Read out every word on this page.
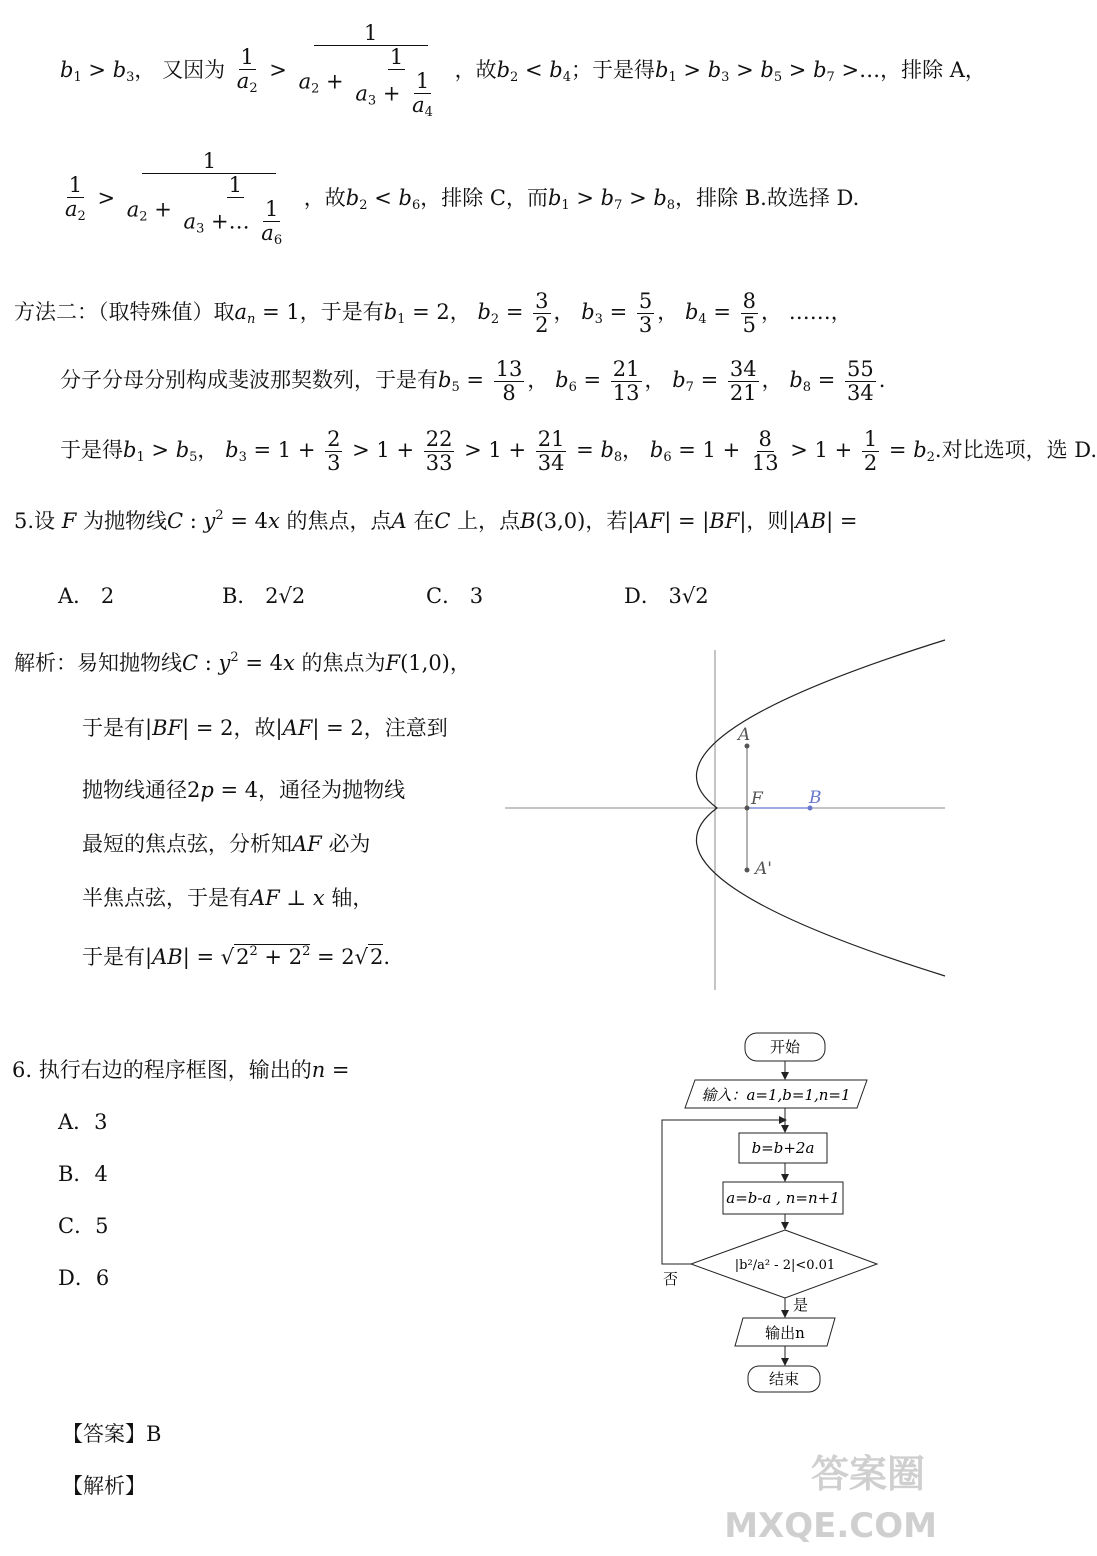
$b_1 > b_3$， 又因为 $\frac{1}{a_2} > \frac{1}{a_2 + \frac{1}{a_3 + \frac{1}{a_4}}}$ ，故$b_2 < b_4$；于是得$b_1 > b_3 > b_5 > b_7$ >…，排除 A，
$\frac{1}{a_2} > \frac{1}{a_2 + \frac{1}{a_3 +\dots \frac{1}{a_6}}}$ ，故$b_2 < b_6$，排除 C，而$b_1 > b_7 > b_8$，排除 B.故选择 D.
方法二：（取特殊值）取$a_n = 1$，于是有$b_1 = 2$， $b_2 = \frac{3}{2}$ ， $b_3 = \frac{5}{3}$ ， $b_4 = \frac{8}{5}$ ， ……，
分子分母分别构成斐波那契数列，于是有$b_5 = \frac{13}{8}$ ， $b_6 = \frac{21}{13}$ ， $b_7 = \frac{34}{21}$ ， $b_8 = \frac{55}{34}$ .
于是得$b_1 > b_5$， $b_3 = 1 + \frac{2}{3} > 1 + \frac{22}{33} > 1 + \frac{21}{34} = b_8$， $b_6 = 1 + \frac{8}{13} > 1 + \frac{1}{2} = b_2$.对比选项，选 D.
5.设 F 为抛物线C : $y^2 = 4x$ 的焦点，点A 在C 上，点B(3,0)，若|AF| = |BF|，则|AB| =
A． 2	B． 2√2	C． 3	D． 3√2
解析：易知抛物线C : $y^2 = 4x$ 的焦点为F(1,0)，
于是有|BF| = 2，故|AF| = 2，注意到
抛物线通径2p = 4，通径为抛物线
最短的焦点弦，分析知AF 必为
半焦点弦，于是有AF ⊥ x 轴，
于是有$|AB| = √2^2 + 2^2 = 2√2$.
A
F	B
A'
6. 执行右边的程序框图，输出的n =
A．3
B．4
C．5
D．6
开始
输入：a=1,b=1,n=1
b=b+2a
a=b-a , n=n+1
|b²/a² - 2|<0.01
否
是
输出n
结束
【答案】B
【解析】	答案圈
MXQE.COM
